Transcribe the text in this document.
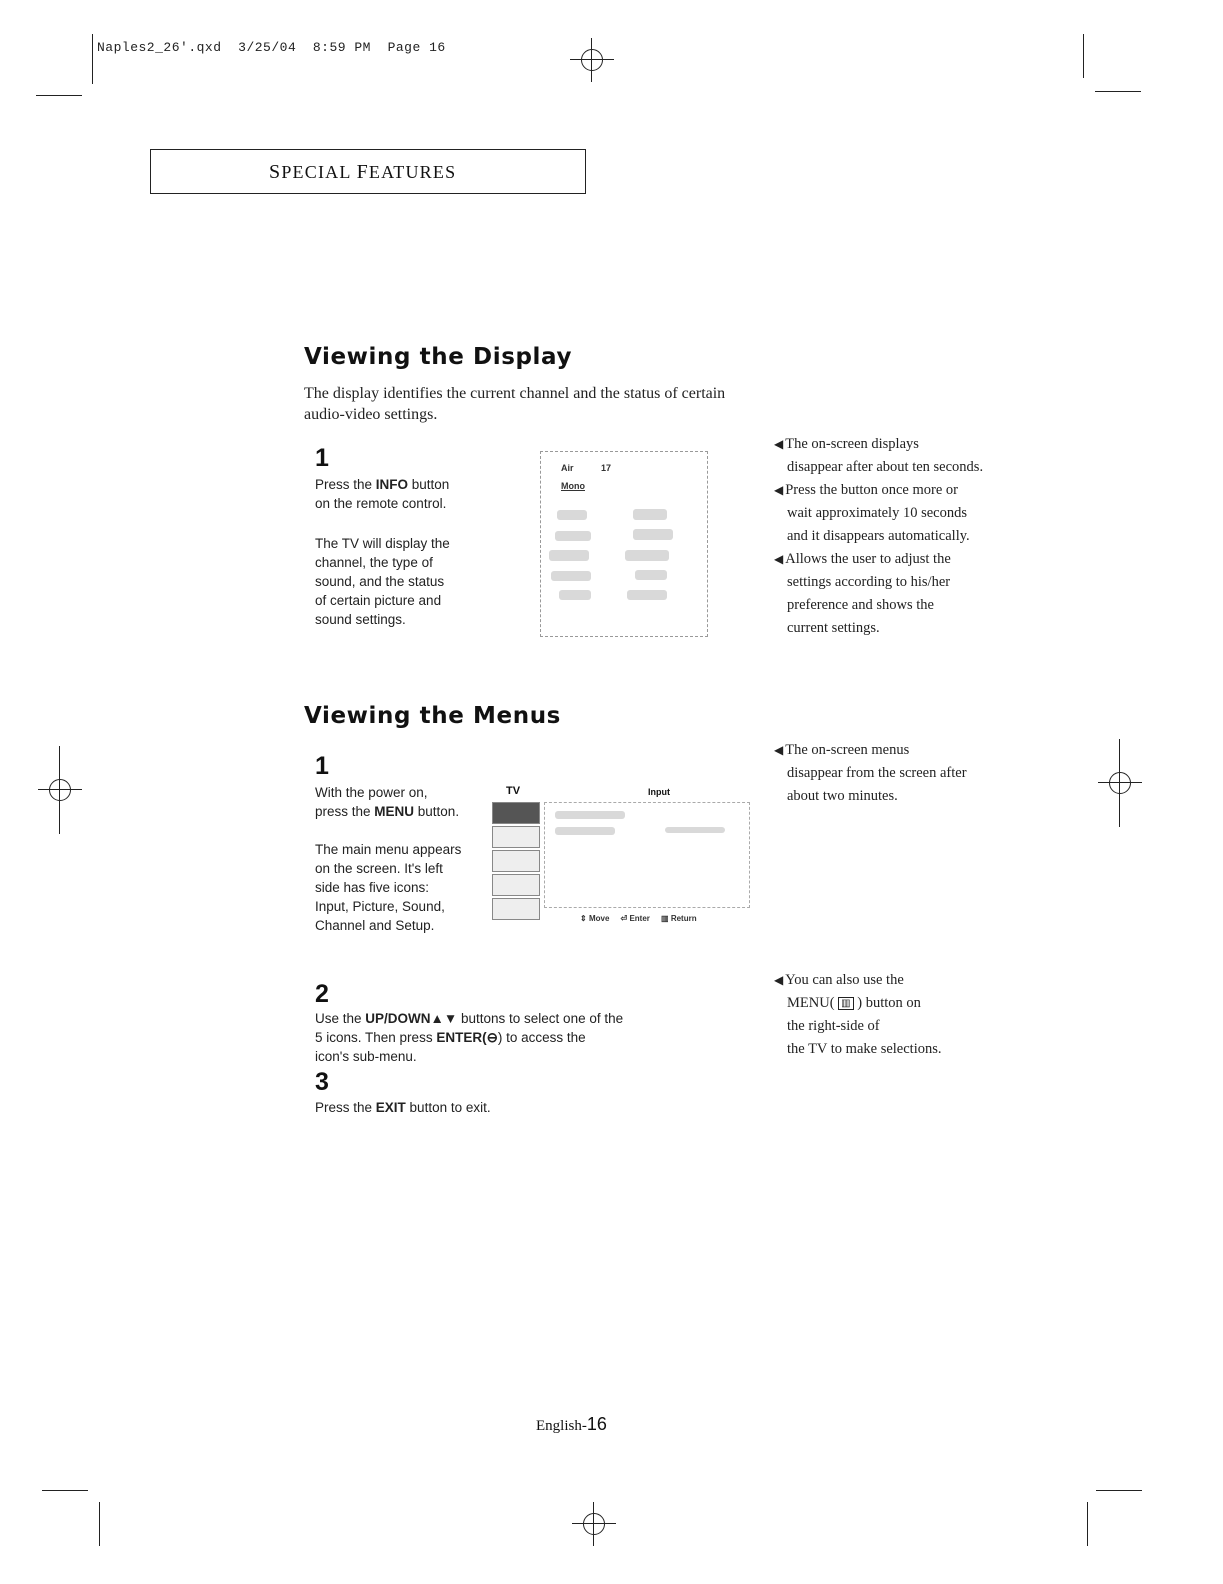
Naples2_26'.qxd 3/25/04 8:59 PM Page 16
SPECIAL FEATURES
Viewing the Display
The display identifies the current channel and the status of certain
audio-video settings.
1
Press the INFO button
on the remote control.
The TV will display the
channel, the type of
sound, and the status
of certain picture and
sound settings.
Air	17
Mono
◀ The on-screen displays
disappear after about ten seconds.
◀ Press the button once more or
wait approximately 10 seconds
and it disappears automatically.
◀ Allows the user to adjust the
settings according to his/her
preference and shows the
current settings.
Viewing the Menus
1
With the power on,
press the MENU button.
The main menu appears
on the screen. It's left
side has five icons:
Input, Picture, Sound,
Channel and Setup.
TV	Input
⇕ Move ⏎ Enter ▥ Return
◀ The on-screen menus
disappear from the screen after
about two minutes.
2
Use the UP/DOWN▲▼ buttons to select one of the
5 icons. Then press ENTER(⊖) to access the
icon's sub-menu.
◀ You can also use the
MENU( ▥ ) button on
the right-side of
the TV to make selections.
3
Press the EXIT button to exit.
English-16
